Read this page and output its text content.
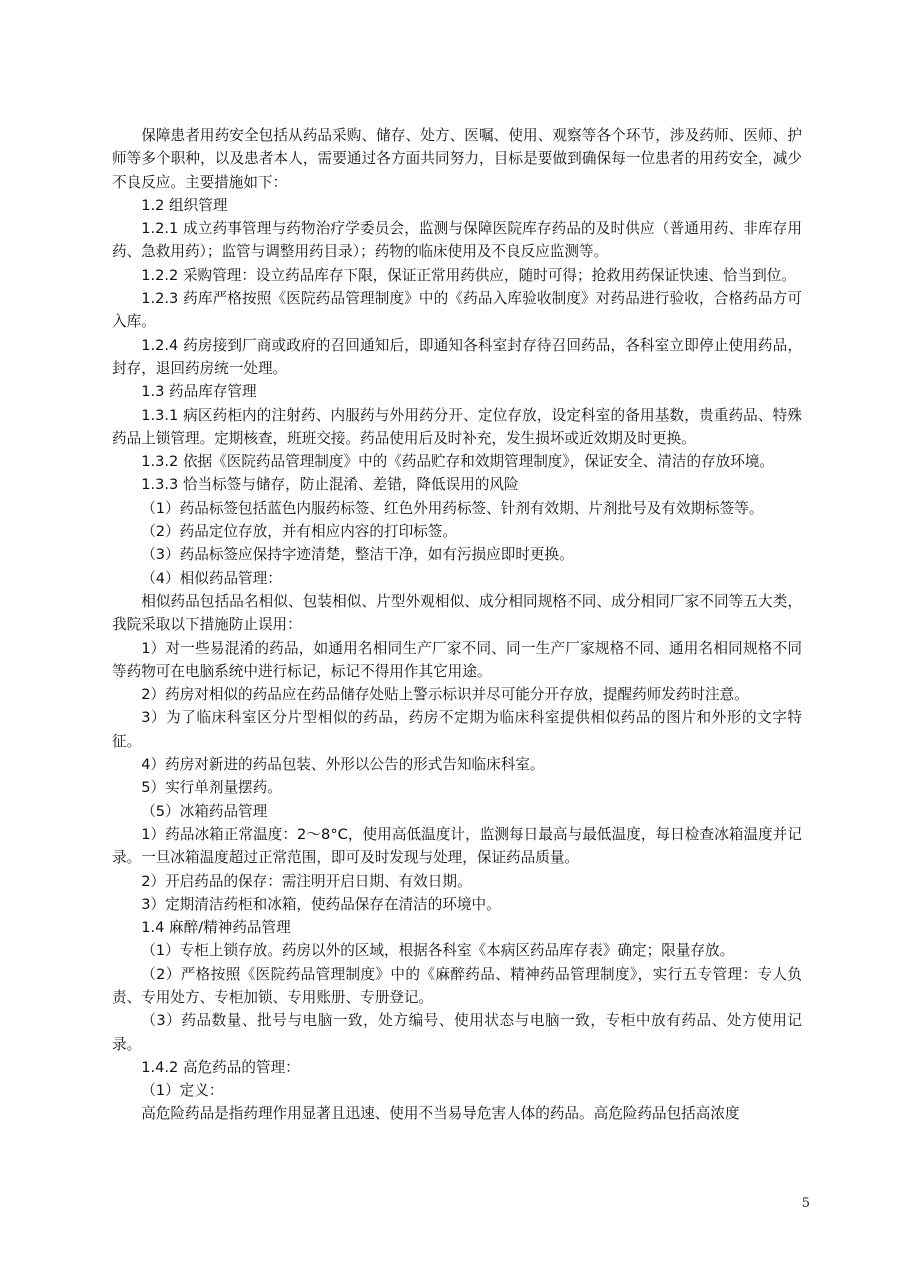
保障患者用药安全包括从药品采购、储存、处方、医嘱、使用、观察等各个环节，涉及药师、医师、护师等多个职种，以及患者本人，需要通过各方面共同努力，目标是要做到确保每一位患者的用药安全，减少不良反应。主要措施如下：

1.2 组织管理

1.2.1 成立药事管理与药物治疗学委员会，监测与保障医院库存药品的及时供应（普通用药、非库存用药、急救用药）；监管与调整用药目录）；药物的临床使用及不良反应监测等。

1.2.2 采购管理：设立药品库存下限，保证正常用药供应，随时可得；抢救用药保证快速、恰当到位。

1.2.3 药库严格按照《医院药品管理制度》中的《药品入库验收制度》对药品进行验收，合格药品方可入库。

1.2.4 药房接到厂商或政府的召回通知后，即通知各科室封存待召回药品，各科室立即停止使用药品，封存，退回药房统一处理。

1.3 药品库存管理

1.3.1 病区药柜内的注射药、内服药与外用药分开、定位存放，设定科室的备用基数，贵重药品、特殊药品上锁管理。定期核查，班班交接。药品使用后及时补充，发生损坏或近效期及时更换。

1.3.2 依据《医院药品管理制度》中的《药品贮存和效期管理制度》，保证安全、清洁的存放环境。

1.3.3 恰当标签与储存，防止混淆、差错，降低误用的风险

（1）药品标签包括蓝色内服药标签、红色外用药标签、针剂有效期、片剂批号及有效期标签等。

（2）药品定位存放，并有相应内容的打印标签。

（3）药品标签应保持字迹清楚，整洁干净，如有污损应即时更换。

（4）相似药品管理：

相似药品包括品名相似、包装相似、片型外观相似、成分相同规格不同、成分相同厂家不同等五大类，我院采取以下措施防止误用：

1）对一些易混淆的药品，如通用名相同生产厂家不同、同一生产厂家规格不同、通用名相同规格不同等药物可在电脑系统中进行标记，标记不得用作其它用途。

2）药房对相似的药品应在药品储存处贴上警示标识并尽可能分开存放，提醒药师发药时注意。

3）为了临床科室区分片型相似的药品，药房不定期为临床科室提供相似药品的图片和外形的文字特征。

4）药房对新进的药品包装、外形以公告的形式告知临床科室。

5）实行单剂量摆药。

（5）冰箱药品管理

1）药品冰箱正常温度：2～8°C，使用高低温度计，监测每日最高与最低温度，每日检查冰箱温度并记录。一旦冰箱温度超过正常范围，即可及时发现与处理，保证药品质量。

2）开启药品的保存：需注明开启日期、有效日期。

3）定期清洁药柜和冰箱，使药品保存在清洁的环境中。

1.4 麻醉/精神药品管理

（1）专柜上锁存放。药房以外的区域，根据各科室《本病区药品库存表》确定；限量存放。

（2）严格按照《医院药品管理制度》中的《麻醉药品、精神药品管理制度》，实行五专管理：专人负责、专用处方、专柜加锁、专用账册、专册登记。

（3）药品数量、批号与电脑一致，处方编号、使用状态与电脑一致，专柜中放有药品、处方使用记录。

1.4.2 高危药品的管理：

（1）定义：

高危险药品是指药理作用显著且迅速、使用不当易导危害人体的药品。高危险药品包括高浓度

5
